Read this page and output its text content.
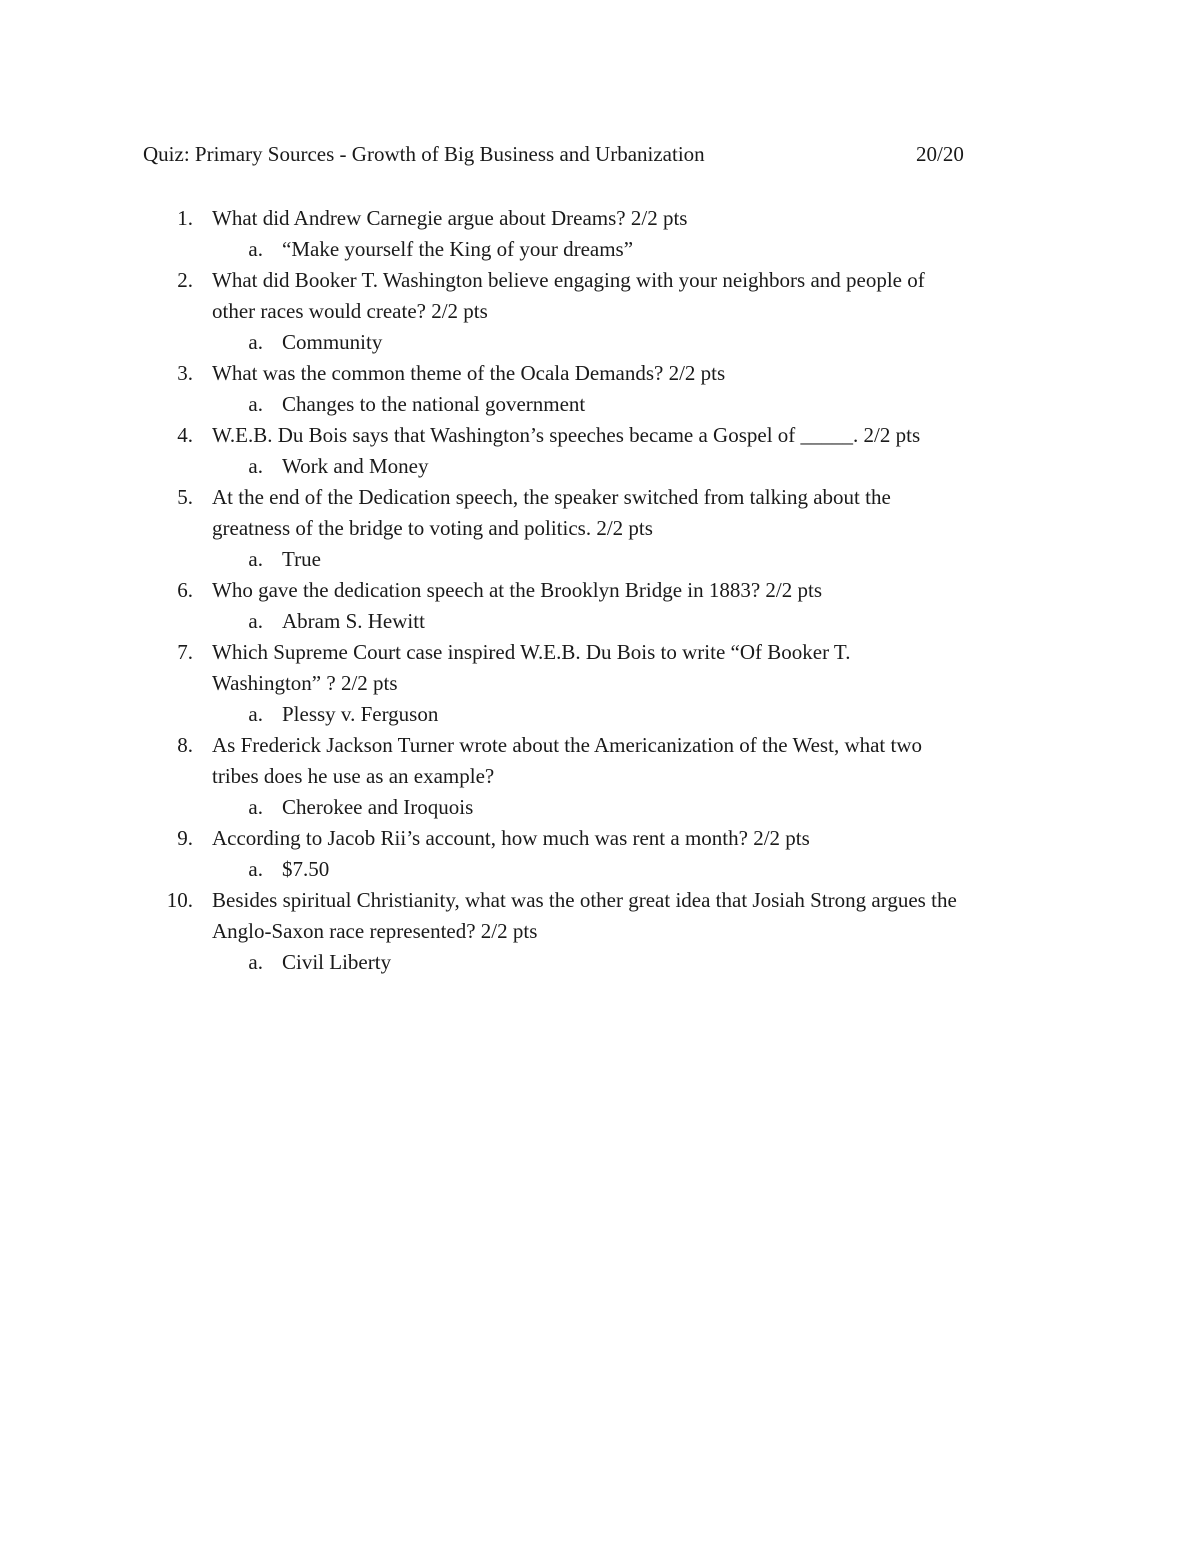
Quiz: Primary Sources - Growth of Big Business and Urbanization	20/20
1. What did Andrew Carnegie argue about Dreams? 2/2 pts
a. “Make yourself the King of your dreams”
2. What did Booker T. Washington believe engaging with your neighbors and people of
other races would create? 2/2 pts
a. Community
3. What was the common theme of the Ocala Demands? 2/2 pts
a. Changes to the national government
4. W.E.B. Du Bois says that Washington’s speeches became a Gospel of _____. 2/2 pts
a. Work and Money
5. At the end of the Dedication speech, the speaker switched from talking about the
greatness of the bridge to voting and politics. 2/2 pts
a. True
6. Who gave the dedication speech at the Brooklyn Bridge in 1883? 2/2 pts
a. Abram S. Hewitt
7. Which Supreme Court case inspired W.E.B. Du Bois to write “Of Booker T.
Washington” ? 2/2 pts
a. Plessy v. Ferguson
8. As Frederick Jackson Turner wrote about the Americanization of the West, what two
tribes does he use as an example?
a. Cherokee and Iroquois
9. According to Jacob Rii’s account, how much was rent a month? 2/2 pts
a. $7.50
10. Besides spiritual Christianity, what was the other great idea that Josiah Strong argues the
Anglo-Saxon race represented? 2/2 pts
a. Civil Liberty
